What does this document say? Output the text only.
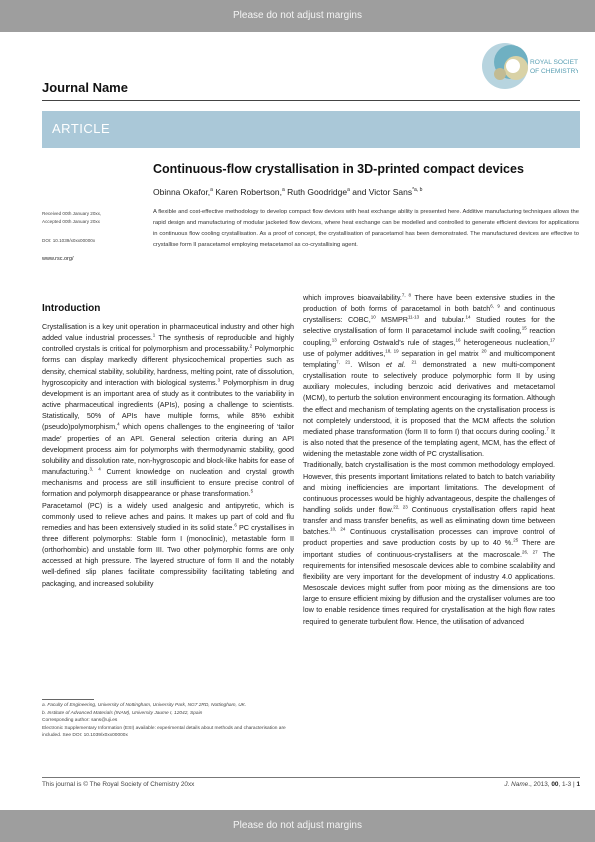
Please do not adjust margins
ROYAL SOCIETY
OF CHEMISTRY
Journal Name
ARTICLE
Continuous-flow crystallisation in 3D-printed compact devices
Obinna Okafor,$^a$ Karen Robertson,$^a$ Ruth Goodridge$^a$ and Victor Sans$^{*a, b}$
Received 00th January 20xx,
Accepted 00th January 20xx
DOI: 10.1039/x0xx00000x
www.rsc.org/

A flexible and cost-effective methodology to develop compact flow devices with heat exchange ability is presented here. Additive manufacturing techniques allows the rapid design and manufacturing of modular jacketed flow devices, where heat exchange can be modelled and controlled to generate efficient devices for applications in continuous flow cooling crystallisation. As a proof of concept, the crystallisation of paracetamol has been demonstrated. The manufactured devices are effective to crystallise form II paracetamol employing metacetamol as co-crystallising agent.

Introduction

Crystallisation is a key unit operation in pharmaceutical industry and other high added value industrial processes.$^1$ The synthesis of reproducible and highly controlled crystals is critical for polymorphism and processability.$^2$ Polymorphic forms can display markedly different physicochemical properties such as density, chemical stability, solubility, hardness, melting point, rate of dissolution, hygroscopicity and interaction with biological systems.$^3$ Polymorphism in drug development is an important area of study as it contributes to the variability in active pharmaceutical ingredients (APIs), posing a challenge to scientists. Statistically, 50% of APIs have multiple forms, while 85% exhibit (pseudo)polymorphism,$^4$ which opens challenges to the engineering of ‘tailor made’ properties of an API. General selection criteria during an API development process aim for polymorphs with thermodynamic stability, good solubility and dissolution rate, non-hygroscopic and block-like habits for ease of manufacturing.$^{3, 4}$ Current knowledge on nucleation and crystal growth mechanisms and process are still insufficient to ensure precise control of formation and polymorph disappearance or phase transformation.$^5$

Paracetamol (PC) is a widely used analgesic and antipyretic, which is commonly used to relieve aches and pains. It makes up part of cold and flu remedies and has been extensively studied in its solid state.$^6$ PC crystallises in three different polymorphs: Stable form I (monoclinic), metastable form II (orthorhombic) and unstable form III. Two other polymorphic forms are only accessed at high pressure. The layered structure of form II and the notably well-defined slip planes facilitate compressibility facilitating tableting and packaging, and increased solubility

which improves bioavailability.$^{7, 8}$ There have been extensive studies in the production of both forms of paracetamol in both batch$^{6, 9}$ and continuous crystallisers: COBC,$^{10}$ MSMPR$^{11-13}$ and tubular.$^{14}$ Studied routes for the selective crystallisation of form II paracetamol include swift cooling,$^{15}$ reaction coupling,$^{13}$ enforcing Ostwald’s rule of stages,$^{16}$ heterogeneous nucleation,$^{17}$ use of polymer additives,$^{18, 19}$ separation in gel matrix $^{20}$ and multicomponent templating$^{7, 21}$. Wilson et al. $^{21}$ demonstrated a new multi-component crystallisation route to selectively produce polymorphic form II by using auxiliary molecules, including benzoic acid derivatives and metacetamol (MCM), to perturb the solution environment encouraging its formation. Although the effect and mechanism of templating agents on the crystallisation process is not completely understood, it is proposed that the MCM affects the solution mediated phase transformation (form II to form I) that occurs during cooling.$^7$ It is also noted that the presence of the templating agent, MCM, has the effect of widening the metastable zone width of PC crystallisation.

Traditionally, batch crystallisation is the most common methodology employed. However, this presents important limitations related to batch to batch variability and mixing inefficiencies are important limitations. The development of continuous processes would be highly advantageous, despite the challenges of handling solids under flow.$^{22, 23}$ Continuous crystallisation offers rapid heat transfer and mass transfer benefits, as well as eliminating down time between batches.$^{10, 24}$ Continuous crystallisation processes can improve control of product properties and save production costs by up to 40 %.$^{25}$ There are important studies of continuous-crystallisers at the macroscale.$^{26, 27}$ The requirements for intensified mesoscale devices able to combine scalability and flexibility are very important for the development of industry 4.0 applications. Mesoscale devices might suffer from poor mixing as the dimensions are too large to ensure efficient mixing by diffusion and the crystalliser volumes are too low to enable residence times required for crystallisation at the high flow rates required to generate turbulent flow. Hence, the utilisation of advanced

a. Faculty of Engineering, University of Nottingham, University Park, NG7 2RD, Nottingham, UK.
b. Institute of Advanced Materials (INAM), University Jaume I, 12042, Spain
Corresponding author: sans@uji.es
Electronic Supplementary Information (ESI) available: experimental details about methods and characterisation are included. See DOI: 10.1039/x0xx00000x
This journal is © The Royal Society of Chemistry 20xx	J. Name., 2013, 00, 1-3 | 1
Please do not adjust margins
